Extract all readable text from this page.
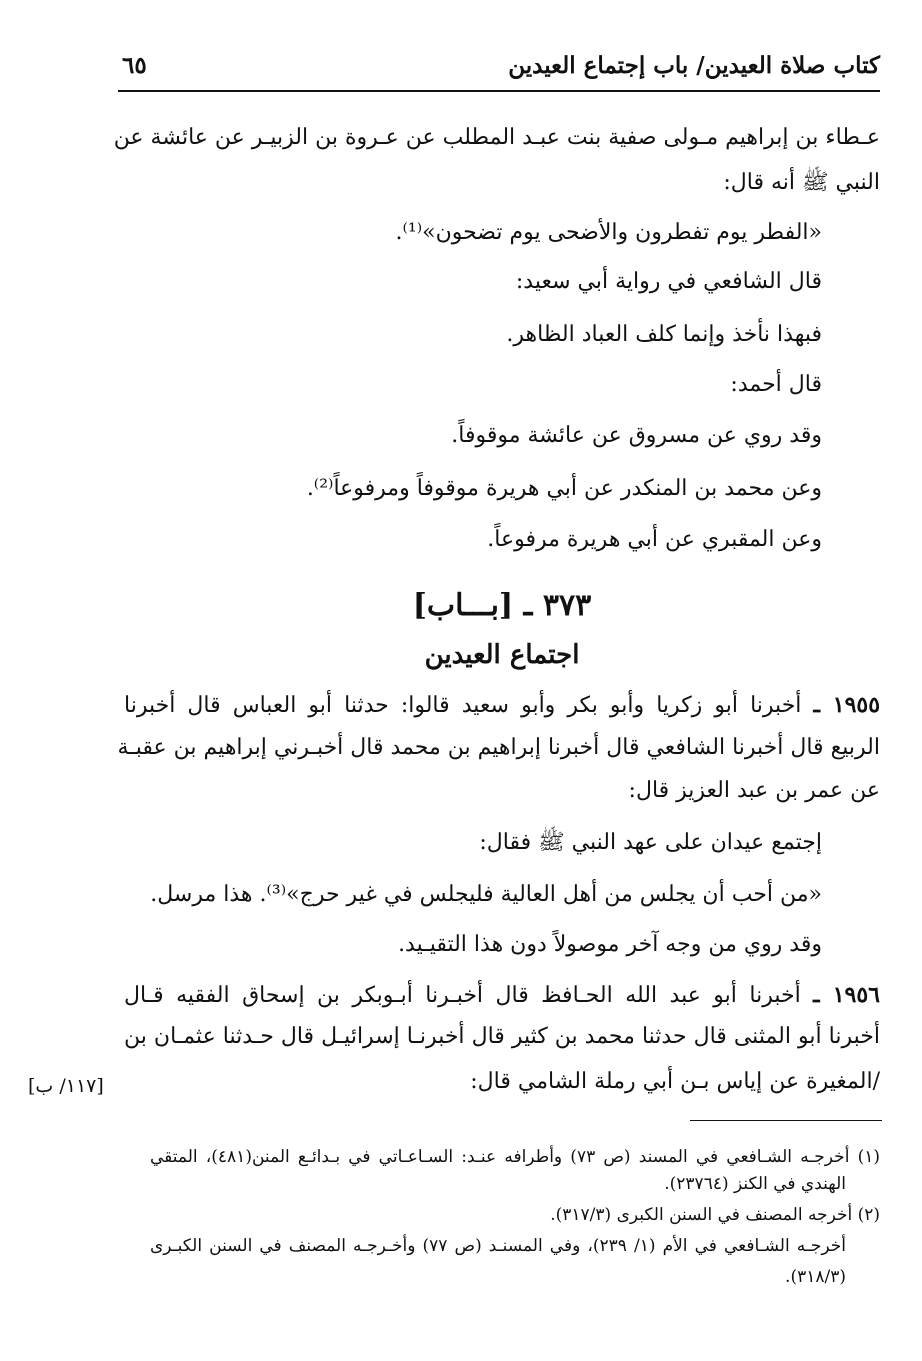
كتاب صلاة العيدين/ باب إجتماع العيدين
٦٥
عـطاء بن إبراهيم مـولى صفية بنت عبـد المطلب عن عـروة بن الزبيـر عن عائشة عن
النبي ﷺ أنه قال:
«الفطر يوم تفطرون والأضحى يوم تضحون»⁽¹⁾.
قال الشافعي في رواية أبي سعيد:
فبهذا نأخذ وإنما كلف العباد الظاهر.
قال أحمد:
وقد روي عن مسروق عن عائشة موقوفاً.
وعن محمد بن المنكدر عن أبي هريرة موقوفاً ومرفوعاً⁽²⁾.
وعن المقبري عن أبي هريرة مرفوعاً.
٣٧٣ ـ [بـــاب]
اجتماع العيدين
١٩٥٥ ـ أخبرنا أبو زكريا وأبو بكر وأبو سعيد قالوا: حدثنا أبو العباس قال أخبرنا
الربيع قال أخبرنا الشافعي قال أخبرنا إبراهيم بن محمد قال أخبـرني إبراهيم بن عقبـة
عن عمر بن عبد العزيز قال:
إجتمع عيدان على عهد النبي ﷺ فقال:
«من أحب أن يجلس من أهل العالية فليجلس في غير حرج»⁽³⁾. هذا مرسل.
وقد روي من وجه آخر موصولاً دون هذا التقيـيد.
١٩٥٦ ـ أخبرنا أبو عبد الله الحـافظ قال أخبـرنا أبـوبكر بن إسحاق الفقيه قـال
أخبرنا أبو المثنى قال حدثنا محمد بن كثير قال أخبرنـا إسرائيـل قال حـدثنا عثمـان بن
/المغيرة عن إياس بـن أبي رملة الشامي قال:
[١١٧/ ب]
(١) أخرجـه الشـافعي في المسند (ص ٧٣) وأطرافه عنـد: السـاعـاتي في بـدائـع المنن(٤٨١)، المتقي
الهندي في الكنز (٢٣٧٦٤).
(٢) أخرجه المصنف في السنن الكبرى (٣١٧/٣).
أخرجـه الشـافعي في الأم (١/ ٢٣٩)، وفي المسنـد (ص ٧٧) وأخـرجـه المصنف في السنن الكبـرى
(٣١٨/٣).
